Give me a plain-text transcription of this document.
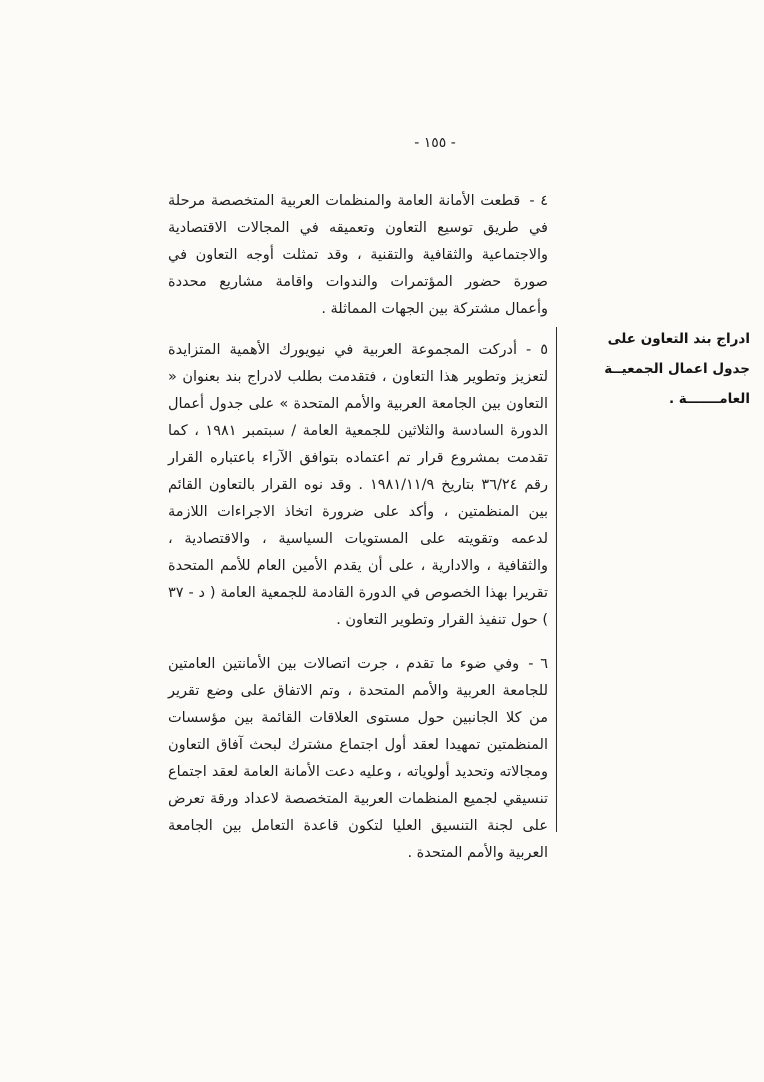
- ١٥٥ -
ادراج بند التعاون على
جدول اعمال الجمعيــة
العامـــــــة .
٤ -قطعت الأمانة العامة والمنظمات العربية المتخصصة مرحلة في طريق توسيع التعاون وتعميقه في المجالات الاقتصادية والاجتماعية والثقافية والتقنية ، وقد تمثلت أوجه التعاون في صورة حضور المؤتمرات والندوات واقامة مشاريع محددة وأعمال مشتركة بين الجهات المماثلة .
٥ -أدركت المجموعة العربية في نيويورك الأهمية المتزايدة لتعزيز وتطوير هذا التعاون ، فتقدمت بطلب لادراج بند بعنوان « التعاون بين الجامعة العربية والأمم المتحدة » على جدول أعمال الدورة السادسة والثلاثين للجمعية العامة / سبتمبر ١٩٨١ ، كما تقدمت بمشروع قرار تم اعتماده بتوافق الآراء باعتباره القرار رقم ٣٦/٢٤ بتاريخ ١٩٨١/١١/٩ . وقد نوه القرار بالتعاون القائم بين المنظمتين ، وأكد على ضرورة اتخاذ الاجراءات اللازمة لدعمه وتقويته على المستويات السياسية ، والاقتصادية ، والثقافية ، والادارية ، على أن يقدم الأمين العام للأمم المتحدة تقريرا بهذا الخصوص في الدورة القادمة للجمعية العامة ( د - ٣٧ ) حول تنفيذ القرار وتطوير التعاون .
٦ -وفي ضوء ما تقدم ، جرت اتصالات بين الأمانتين العامتين للجامعة العربية والأمم المتحدة ، وتم الاتفاق على وضع تقرير من كلا الجانبين حول مستوى العلاقات القائمة بين مؤسسات المنظمتين تمهيدا لعقد أول اجتماع مشترك لبحث آفاق التعاون ومجالاته وتحديد أولوياته ، وعليه دعت الأمانة العامة لعقد اجتماع تنسيقي لجميع المنظمات العربية المتخصصة لاعداد ورقة تعرض على لجنة التنسيق العليا لتكون قاعدة التعامل بين الجامعة العربية والأمم المتحدة .
